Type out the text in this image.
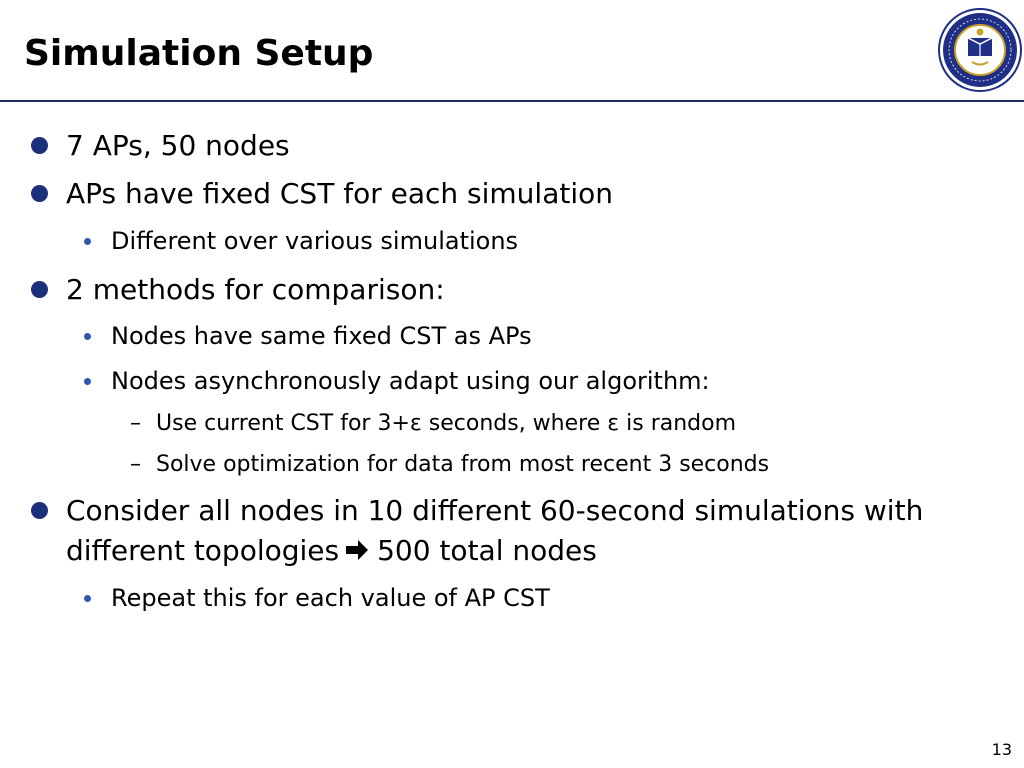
Simulation Setup
7 APs, 50 nodes
APs have fixed CST for each simulation
Different over various simulations
2 methods for comparison:
Nodes have same fixed CST as APs
Nodes asynchronously adapt using our algorithm:
– Use current CST for 3+ε seconds, where ε is random
– Solve optimization for data from most recent 3 seconds
Consider all nodes in 10 different 60-second simulations with
different topologies 500 total nodes
Repeat this for each value of AP CST
13
